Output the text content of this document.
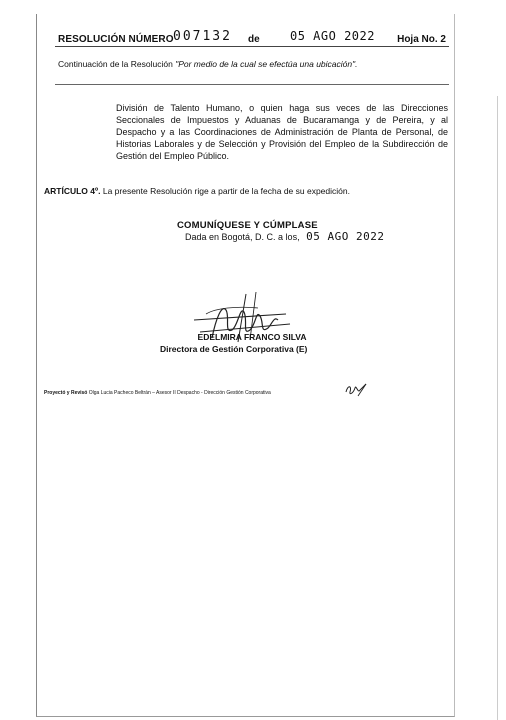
RESOLUCIÓN NÚMERO 007132 de	05 AGO 2022 Hoja No. 2
Continuación de la Resolución "Por medio de la cual se efectúa una ubicación".
División de Talento Humano, o quien haga sus veces de las Direcciones Seccionales de Impuestos y Aduanas de Bucaramanga y de Pereira, y al Despacho y a las Coordinaciones de Administración de Planta de Personal, de Historias Laborales y de Selección y Provisión del Empleo de la Subdirección de Gestión del Empleo Público.
ARTÍCULO 4º. La presente Resolución rige a partir de la fecha de su expedición.
COMUNÍQUESE Y CÚMPLASE
Dada en Bogotá, D. C. a los, 05 AGO 2022
EDELMIRA FRANCO SILVA
Directora de Gestión Corporativa (E)
Proyectó y Revisó Olga Lucia Pacheco Beltrán – Asesor II Despacho - Dirección Gestión Corporativa
